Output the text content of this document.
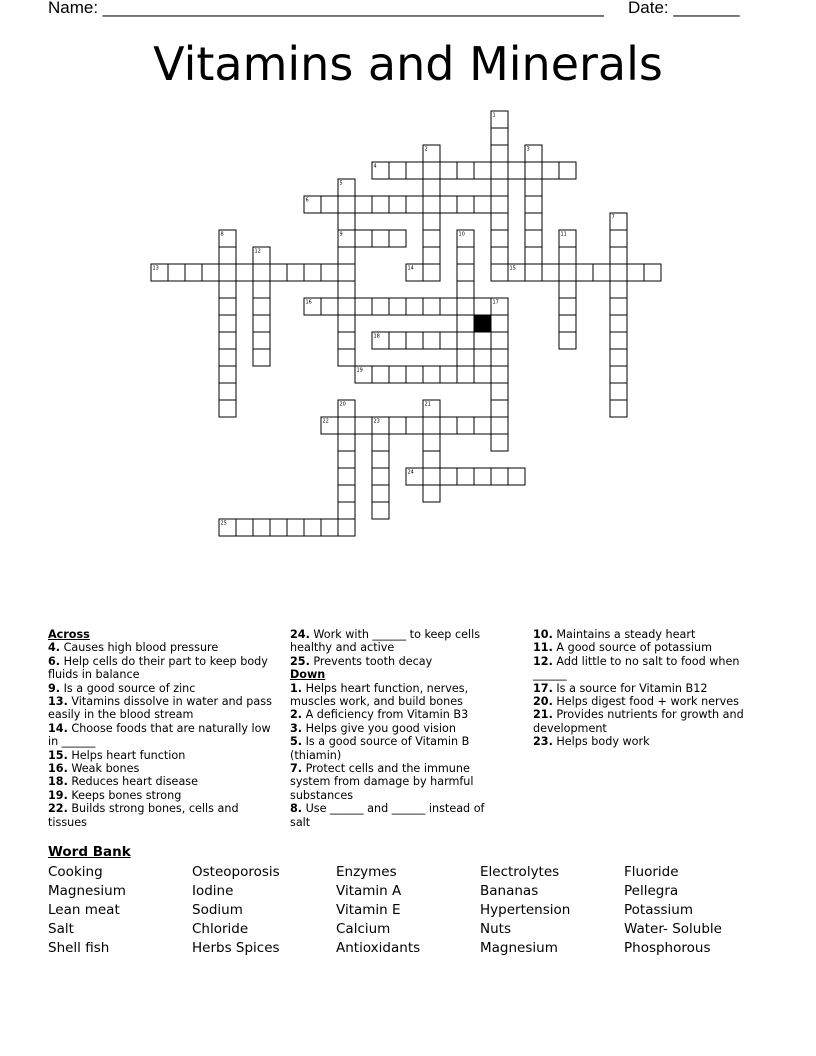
Name: _____________________________________________________ Date: _______
Vitamins and Minerals
1
2	3
4
5
6
7
8	9	10	11
12
13	14	15
16	17
18
19
20	21
22	23
24
25
Across
4. Causes high blood pressure
6. Help cells do their part to keep body fluids in balance
9. Is a good source of zinc
13. Vitamins dissolve in water and pass easily in the blood stream
14. Choose foods that are naturally low in ______
15. Helps heart function
16. Weak bones
18. Reduces heart disease
19. Keeps bones strong
22. Builds strong bones, cells and tissues
24. Work with ______ to keep cells healthy and active
25. Prevents tooth decay
Down
1. Helps heart function, nerves, muscles work, and build bones
2. A deficiency from Vitamin B3
3. Helps give you good vision
5. Is a good source of Vitamin B (thiamin)
7. Protect cells and the immune system from damage by harmful substances
8. Use ______ and ______ instead of salt
10. Maintains a steady heart
11. A good source of potassium
12. Add little to no salt to food when ______
17. Is a source for Vitamin B12
20. Helps digest food + work nerves
21. Provides nutrients for growth and development
23. Helps body work
Word Bank
Cooking	Osteoporosis	Enzymes	Electrolytes	Fluoride
Magnesium	Iodine	Vitamin A	Bananas	Pellegra
Lean meat	Sodium	Vitamin E	Hypertension	Potassium
Salt	Chloride	Calcium	Nuts	Water- Soluble
Shell fish	Herbs Spices	Antioxidants	Magnesium	Phosphorous
